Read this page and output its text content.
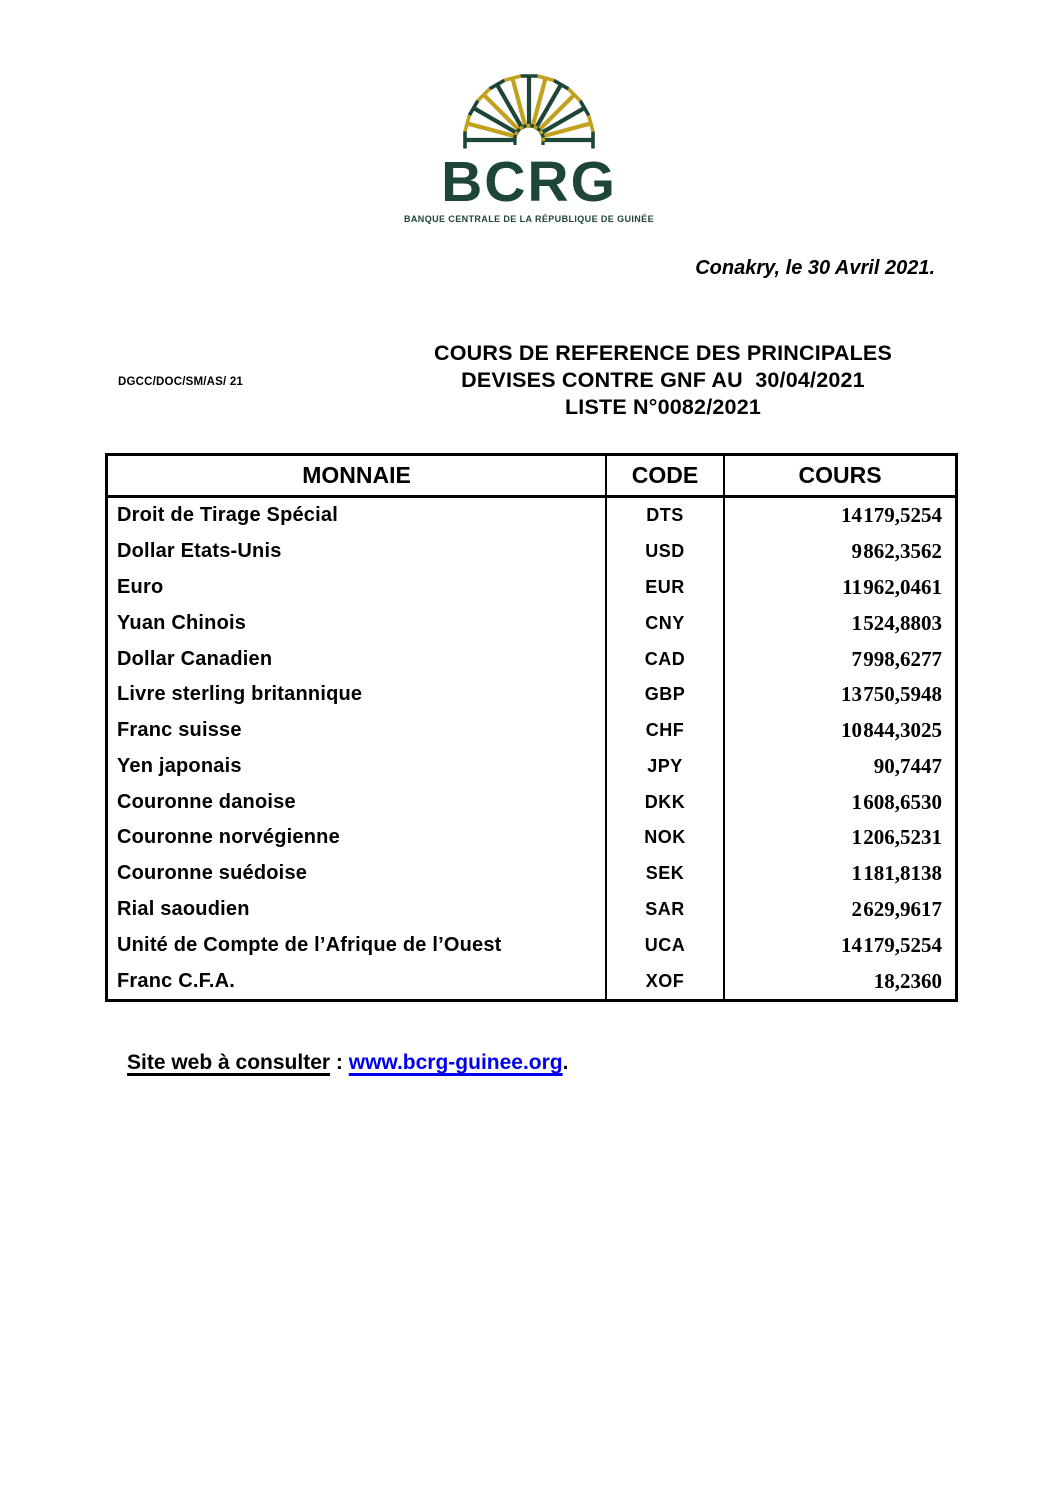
BCRG
BANQUE CENTRALE DE LA RÉPUBLIQUE DE GUINÉE
Conakry, le 30 Avril 2021.
DGCC/DOC/SM/AS/ 21
COURS DE REFERENCE DES PRINCIPALES
DEVISES CONTRE GNF AU  30/04/2021
LISTE N°0082/2021
MONNAIE	CODE	COURS
Droit de Tirage Spécial	DTS	14 179,5254
Dollar Etats-Unis	USD	9 862,3562
Euro	EUR	11 962,0461
Yuan Chinois	CNY	1 524,8803
Dollar Canadien	CAD	7 998,6277
Livre sterling britannique	GBP	13 750,5948
Franc suisse	CHF	10 844,3025
Yen japonais	JPY	90,7447
Couronne danoise	DKK	1 608,6530
Couronne norvégienne	NOK	1 206,5231
Couronne suédoise	SEK	1 181,8138
Rial saoudien	SAR	2 629,9617
Unité de Compte de l’Afrique de l’Ouest	UCA	14 179,5254
Franc C.F.A.	XOF	18,2360
Site web à consulter : www.bcrg-guinee.org.
